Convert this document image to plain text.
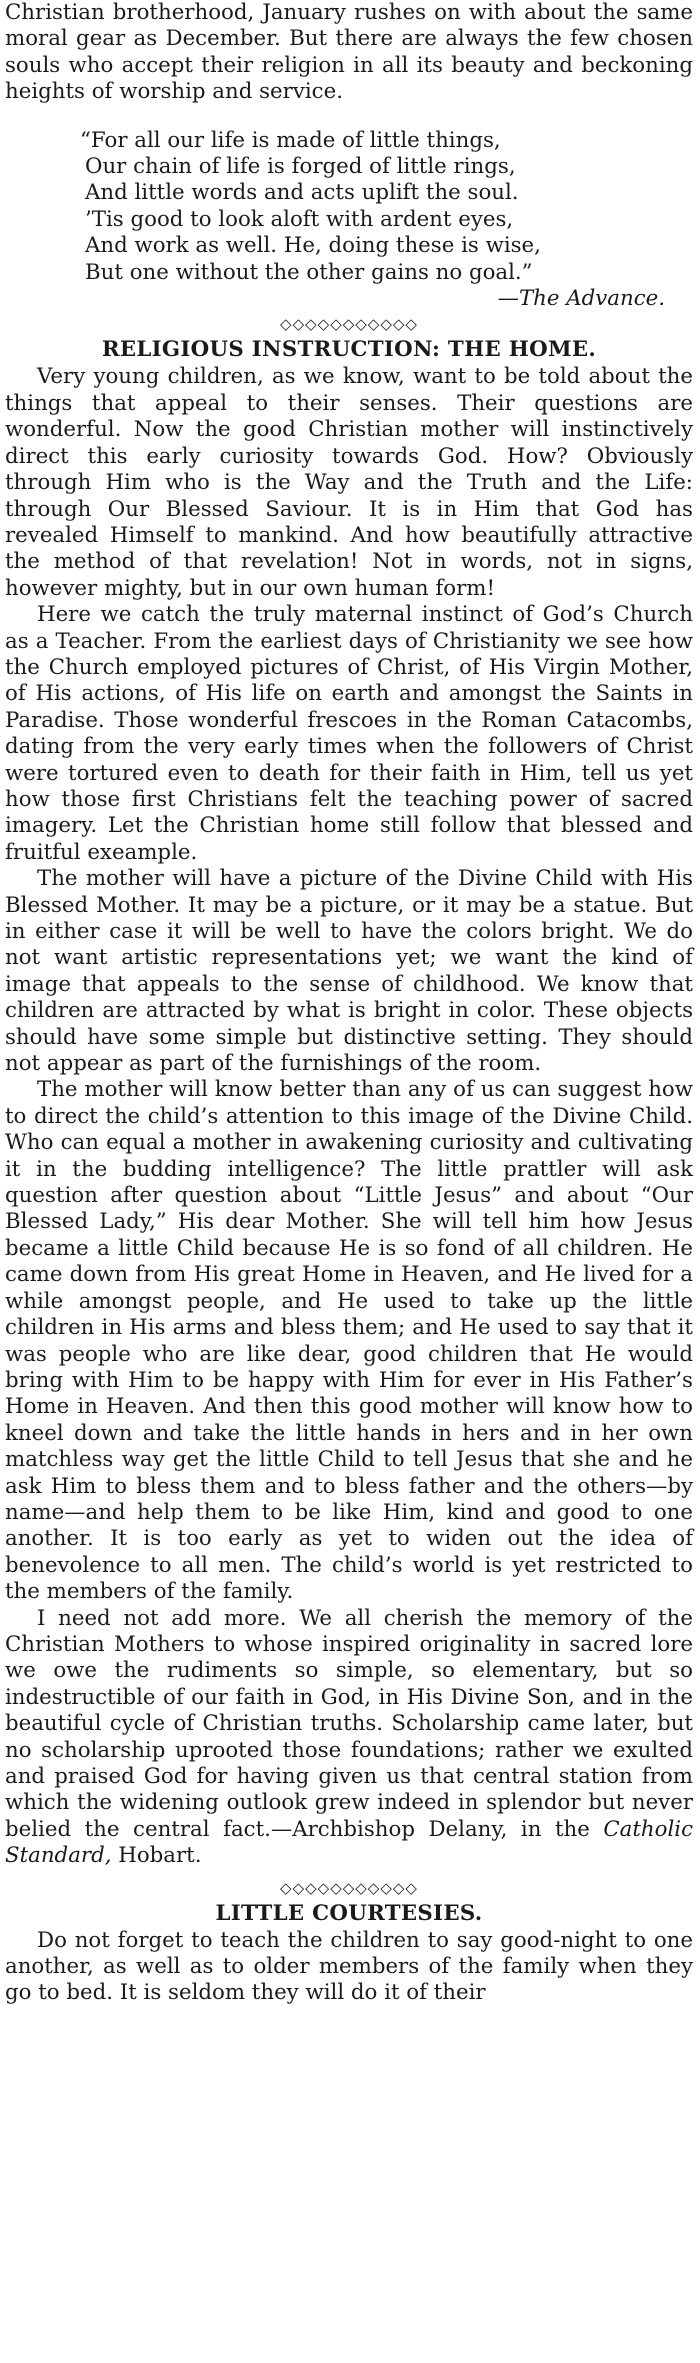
Christian brotherhood, January rushes on with about the same moral gear as December. But there are always the few chosen souls who accept their religion in all its beauty and beckoning heights of worship and service.

“For all our life is made of little things,
Our chain of life is forged of little rings,
And little words and acts uplift the soul.
’Tis good to look aloft with ardent eyes,
And work as well. He, doing these is wise,
But one without the other gains no goal.”
—The Advance.
◇◇◇◇◇◇◇◇◇◇◇
RELIGIOUS INSTRUCTION: THE HOME.

Very young children, as we know, want to be told about the things that appeal to their senses. Their questions are wonderful. Now the good Christian mother will instinctively direct this early curiosity towards God. How? Obviously through Him who is the Way and the Truth and the Life: through Our Blessed Saviour. It is in Him that God has revealed Himself to mankind. And how beautifully attractive the method of that revelation! Not in words, not in signs, however mighty, but in our own human form!

Here we catch the truly maternal instinct of God’s Church as a Teacher. From the earliest days of Christianity we see how the Church employed pictures of Christ, of His Virgin Mother, of His actions, of His life on earth and amongst the Saints in Paradise. Those wonderful frescoes in the Roman Catacombs, dating from the very early times when the followers of Christ were tortured even to death for their faith in Him, tell us yet how those first Christians felt the teaching power of sacred imagery. Let the Christian home still follow that blessed and fruitful exeample.

The mother will have a picture of the Divine Child with His Blessed Mother. It may be a picture, or it may be a statue. But in either case it will be well to have the colors bright. We do not want artistic representations yet; we want the kind of image that appeals to the sense of childhood. We know that children are attracted by what is bright in color. These objects should have some simple but distinctive setting. They should not appear as part of the furnishings of the room.

The mother will know better than any of us can suggest how to direct the child’s attention to this image of the Divine Child. Who can equal a mother in awakening curiosity and cultivating it in the budding intelligence? The little prattler will ask question after question about “Little Jesus” and about “Our Blessed Lady,” His dear Mother. She will tell him how Jesus became a little Child because He is so fond of all children. He came down from His great Home in Heaven, and He lived for a while amongst people, and He used to take up the little children in His arms and bless them; and He used to say that it was people who are like dear, good children that He would bring with Him to be happy with Him for ever in His Father’s Home in Heaven. And then this good mother will know how to kneel down and take the little hands in hers and in her own matchless way get the little Child to tell Jesus that she and he ask Him to bless them and to bless father and the others—by name—and help them to be like Him, kind and good to one another. It is too early as yet to widen out the idea of benevolence to all men. The child’s world is yet restricted to the members of the family.

I need not add more. We all cherish the memory of the Christian Mothers to whose inspired originality in sacred lore we owe the rudiments so simple, so elementary, but so indestructible of our faith in God, in His Divine Son, and in the beautiful cycle of Christian truths. Scholarship came later, but no scholarship uprooted those foundations; rather we exulted and praised God for having given us that central station from which the widening outlook grew indeed in splendor but never belied the central fact.—Archbishop Delany, in the Catholic Standard, Hobart.

◇◇◇◇◇◇◇◇◇◇◇
LITTLE COURTESIES.

Do not forget to teach the children to say good-night to one another, as well as to older members of the family when they go to bed. It is seldom they will do it of their
